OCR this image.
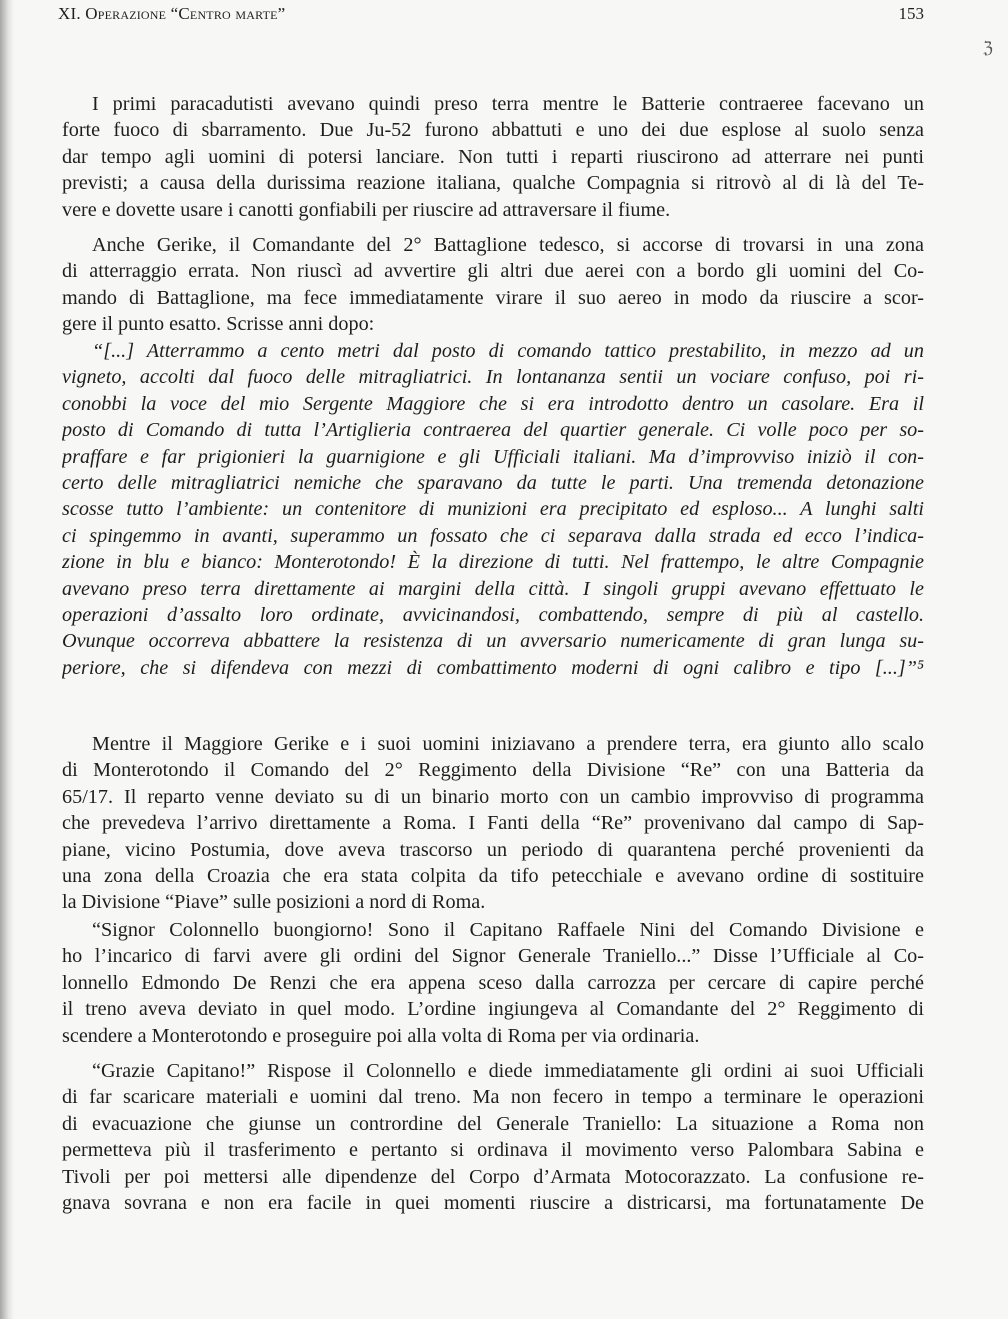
XI. Operazione “Centro marte”	153
ℨ
I primi paracadutisti avevano quindi preso terra mentre le Batterie contraeree facevano un
forte fuoco di sbarramento. Due Ju-52 furono abbattuti e uno dei due esplose al suolo senza
dar tempo agli uomini di potersi lanciare. Non tutti i reparti riuscirono ad atterrare nei punti
previsti; a causa della durissima reazione italiana, qualche Compagnia si ritrovò al di là del Te-
vere e dovette usare i canotti gonfiabili per riuscire ad attraversare il fiume.
Anche Gerike, il Comandante del 2° Battaglione tedesco, si accorse di trovarsi in una zona
di atterraggio errata. Non riuscì ad avvertire gli altri due aerei con a bordo gli uomini del Co-
mando di Battaglione, ma fece immediatamente virare il suo aereo in modo da riuscire a scor-
gere il punto esatto. Scrisse anni dopo:
“[...] Atterrammo a cento metri dal posto di comando tattico prestabilito, in mezzo ad un
vigneto, accolti dal fuoco delle mitragliatrici. In lontananza sentii un vociare confuso, poi ri-
conobbi la voce del mio Sergente Maggiore che si era introdotto dentro un casolare. Era il
posto di Comando di tutta l’Artiglieria contraerea del quartier generale. Ci volle poco per so-
praffare e far prigionieri la guarnigione e gli Ufficiali italiani. Ma d’improvviso iniziò il con-
certo delle mitragliatrici nemiche che sparavano da tutte le parti. Una tremenda detonazione
scosse tutto l’ambiente: un contenitore di munizioni era precipitato ed esploso... A lunghi salti
ci spingemmo in avanti, superammo un fossato che ci separava dalla strada ed ecco l’indica-
zione in blu e bianco: Monterotondo! È la direzione di tutti. Nel frattempo, le altre Compagnie
avevano preso terra direttamente ai margini della città. I singoli gruppi avevano effettuato le
operazioni d’assalto loro ordinate, avvicinandosi, combattendo, sempre di più al castello.
Ovunque occorreva abbattere la resistenza di un avversario numericamente di gran lunga su-
periore, che si difendeva con mezzi di combattimento moderni di ogni calibro e tipo [...]”⁵
Mentre il Maggiore Gerike e i suoi uomini iniziavano a prendere terra, era giunto allo scalo
di Monterotondo il Comando del 2° Reggimento della Divisione “Re” con una Batteria da
65/17. Il reparto venne deviato su di un binario morto con un cambio improvviso di programma
che prevedeva l’arrivo direttamente a Roma. I Fanti della “Re” provenivano dal campo di Sap-
piane, vicino Postumia, dove aveva trascorso un periodo di quarantena perché provenienti da
una zona della Croazia che era stata colpita da tifo petecchiale e avevano ordine di sostituire
la Divisione “Piave” sulle posizioni a nord di Roma.
“Signor Colonnello buongiorno! Sono il Capitano Raffaele Nini del Comando Divisione e
ho l’incarico di farvi avere gli ordini del Signor Generale Traniello...” Disse l’Ufficiale al Co-
lonnello Edmondo De Renzi che era appena sceso dalla carrozza per cercare di capire perché
il treno aveva deviato in quel modo. L’ordine ingiungeva al Comandante del 2° Reggimento di
scendere a Monterotondo e proseguire poi alla volta di Roma per via ordinaria.
“Grazie Capitano!” Rispose il Colonnello e diede immediatamente gli ordini ai suoi Ufficiali
di far scaricare materiali e uomini dal treno. Ma non fecero in tempo a terminare le operazioni
di evacuazione che giunse un contrordine del Generale Traniello: La situazione a Roma non
permetteva più il trasferimento e pertanto si ordinava il movimento verso Palombara Sabina e
Tivoli per poi mettersi alle dipendenze del Corpo d’Armata Motocorazzato. La confusione re-
gnava sovrana e non era facile in quei momenti riuscire a districarsi, ma fortunatamente De
